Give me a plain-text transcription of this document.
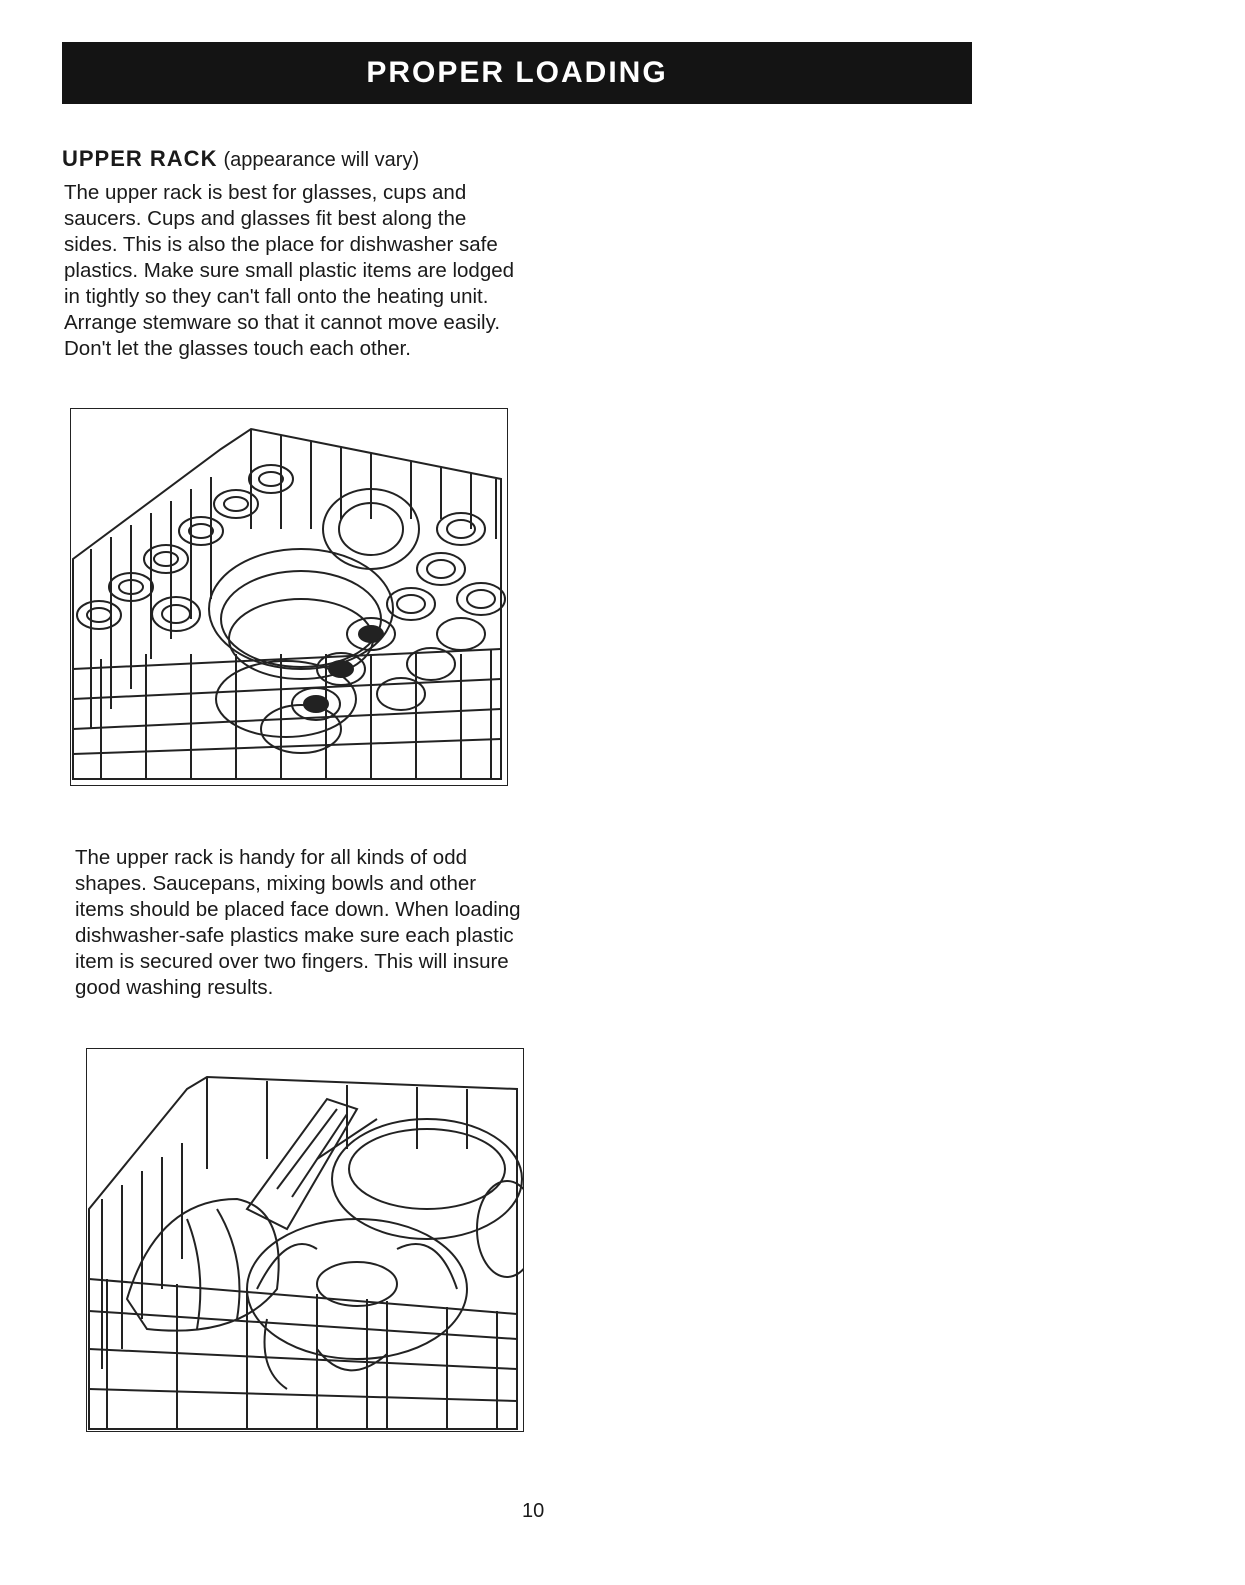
PROPER LOADING
UPPER RACK (appearance will vary)

The upper rack is best for glasses, cups and saucers. Cups and glasses fit best along the sides. This is also the place for dishwasher safe plastics. Make sure small plastic items are lodged in tightly so they can't fall onto the heating unit. Arrange stemware so that it cannot move easily. Don't let the glasses touch each other.

The upper rack is handy for all kinds of odd shapes. Saucepans, mixing bowls and other items should be placed face down. When loading dishwasher-safe plastics make sure each plastic item is secured over two fingers. This will insure good washing results.

10
